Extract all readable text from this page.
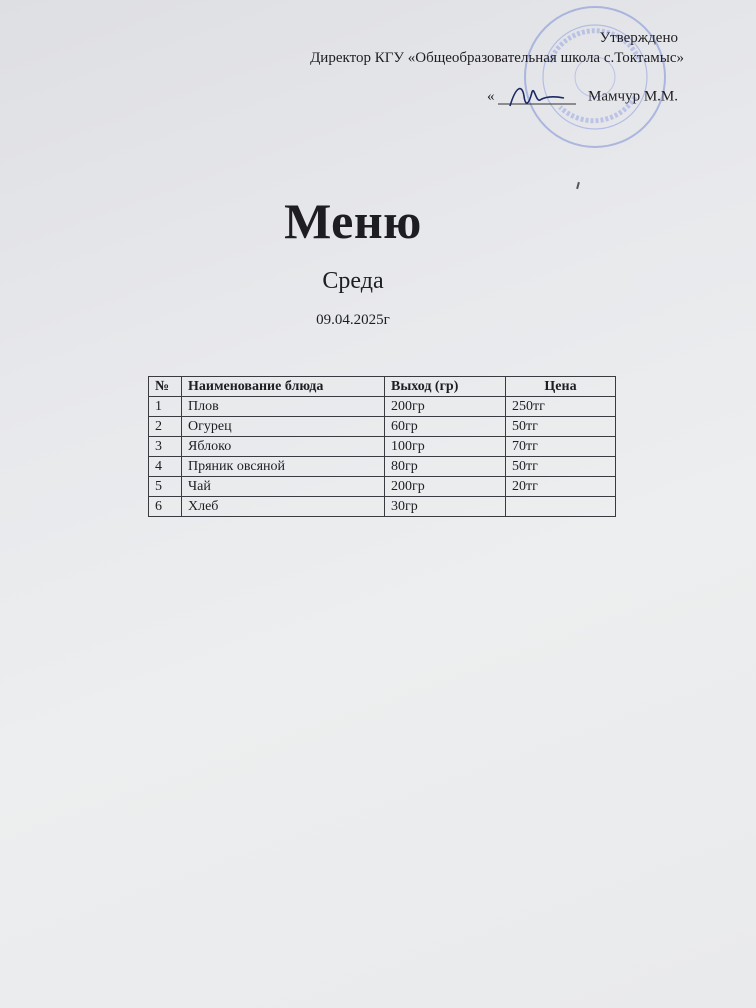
Утверждено
Директор КГУ «Общеобразовательная школа с.Токтамыс»
«	Мамчур М.М.
Меню
Среда
09.04.2025г
№	Наименование блюда	Выход (гр)	Цена
1	Плов	200гр	250тг
2	Огурец	60гр	50тг
3	Яблоко	100гр	70тг
4	Пряник овсяной	80гр	50тг
5	Чай	200гр	20тг
6	Хлеб	30гр	
